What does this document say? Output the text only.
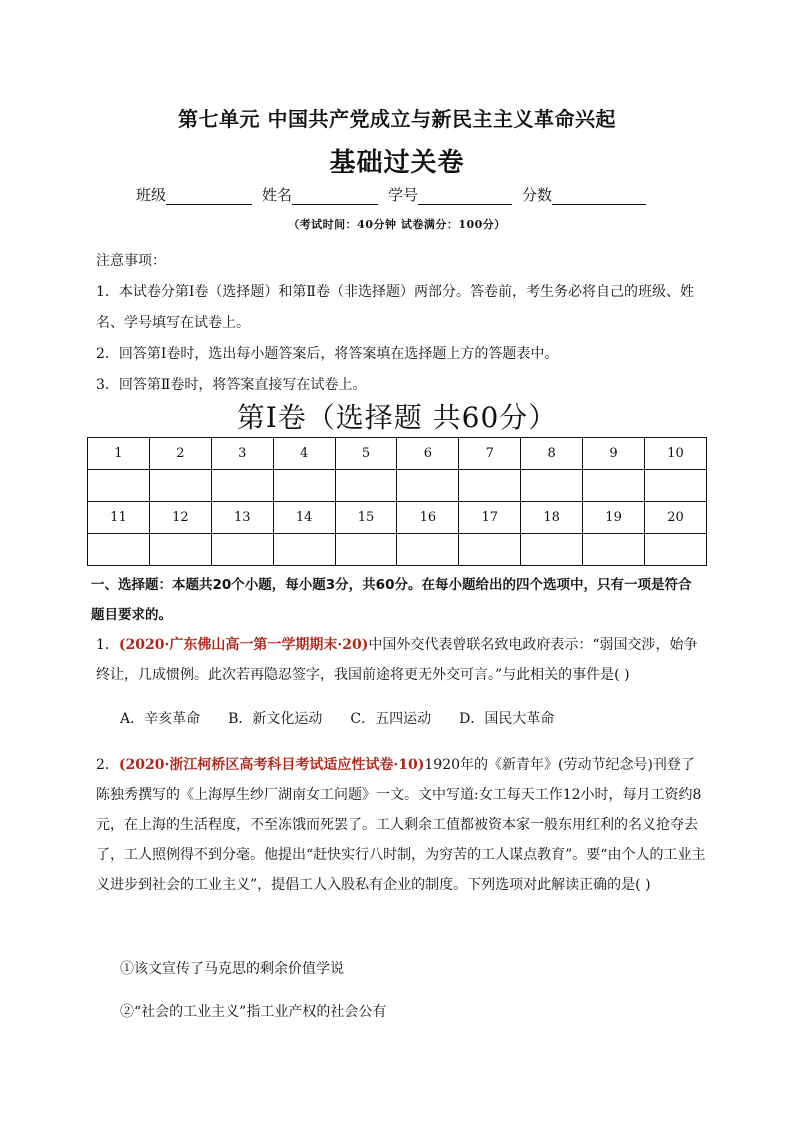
第七单元 中国共产党成立与新民主主义革命兴起
基础过关卷
班级	姓名	学号	分数
（考试时间：40分钟 试卷满分：100分）

注意事项：

1．本试卷分第Ⅰ卷（选择题）和第Ⅱ卷（非选择题）两部分。答卷前，考生务必将自己的班级、姓名、学号填写在试卷上。

2．回答第Ⅰ卷时，选出每小题答案后，将答案填在选择题上方的答题表中。

3．回答第Ⅱ卷时，将答案直接写在试卷上。

第Ⅰ卷（选择题 共60分）
1	2	3	4	5	6	7	8	9	10

11	12	13	14	15	16	17	18	19	20

一、选择题：本题共20个小题，每小题3分，共60分。在每小题给出的四个选项中，只有一项是符合题目要求的。
1．(2020·广东佛山高一第一学期期末·20)中国外交代表曾联名致电政府表示：“弱国交涉，始争终让，几成惯例。此次若再隐忍签字，我国前途将更无外交可言。”与此相关的事件是( )
A．辛亥革命 B．新文化运动 C．五四运动 D．国民大革命
2．(2020·浙江柯桥区高考科目考试适应性试卷·10)1920年的《新青年》(劳动节纪念号)刊登了陈独秀撰写的《上海厚生纱厂湖南女工问题》一文。文中写道:女工每天工作12小时，每月工资约8元，在上海的生活程度，不至冻饿而死罢了。工人剩余工值都被资本家一般东用红利的名义抢夺去了，工人照例得不到分毫。他提出“赶快实行八时制，为穷苦的工人谋点教育”。要“由个人的工业主义进步到社会的工业主义”，提倡工人入股私有企业的制度。下列选项对此解读正确的是( )
①该文宣传了马克思的剩余价值学说
②“社会的工业主义”指工业产权的社会公有
